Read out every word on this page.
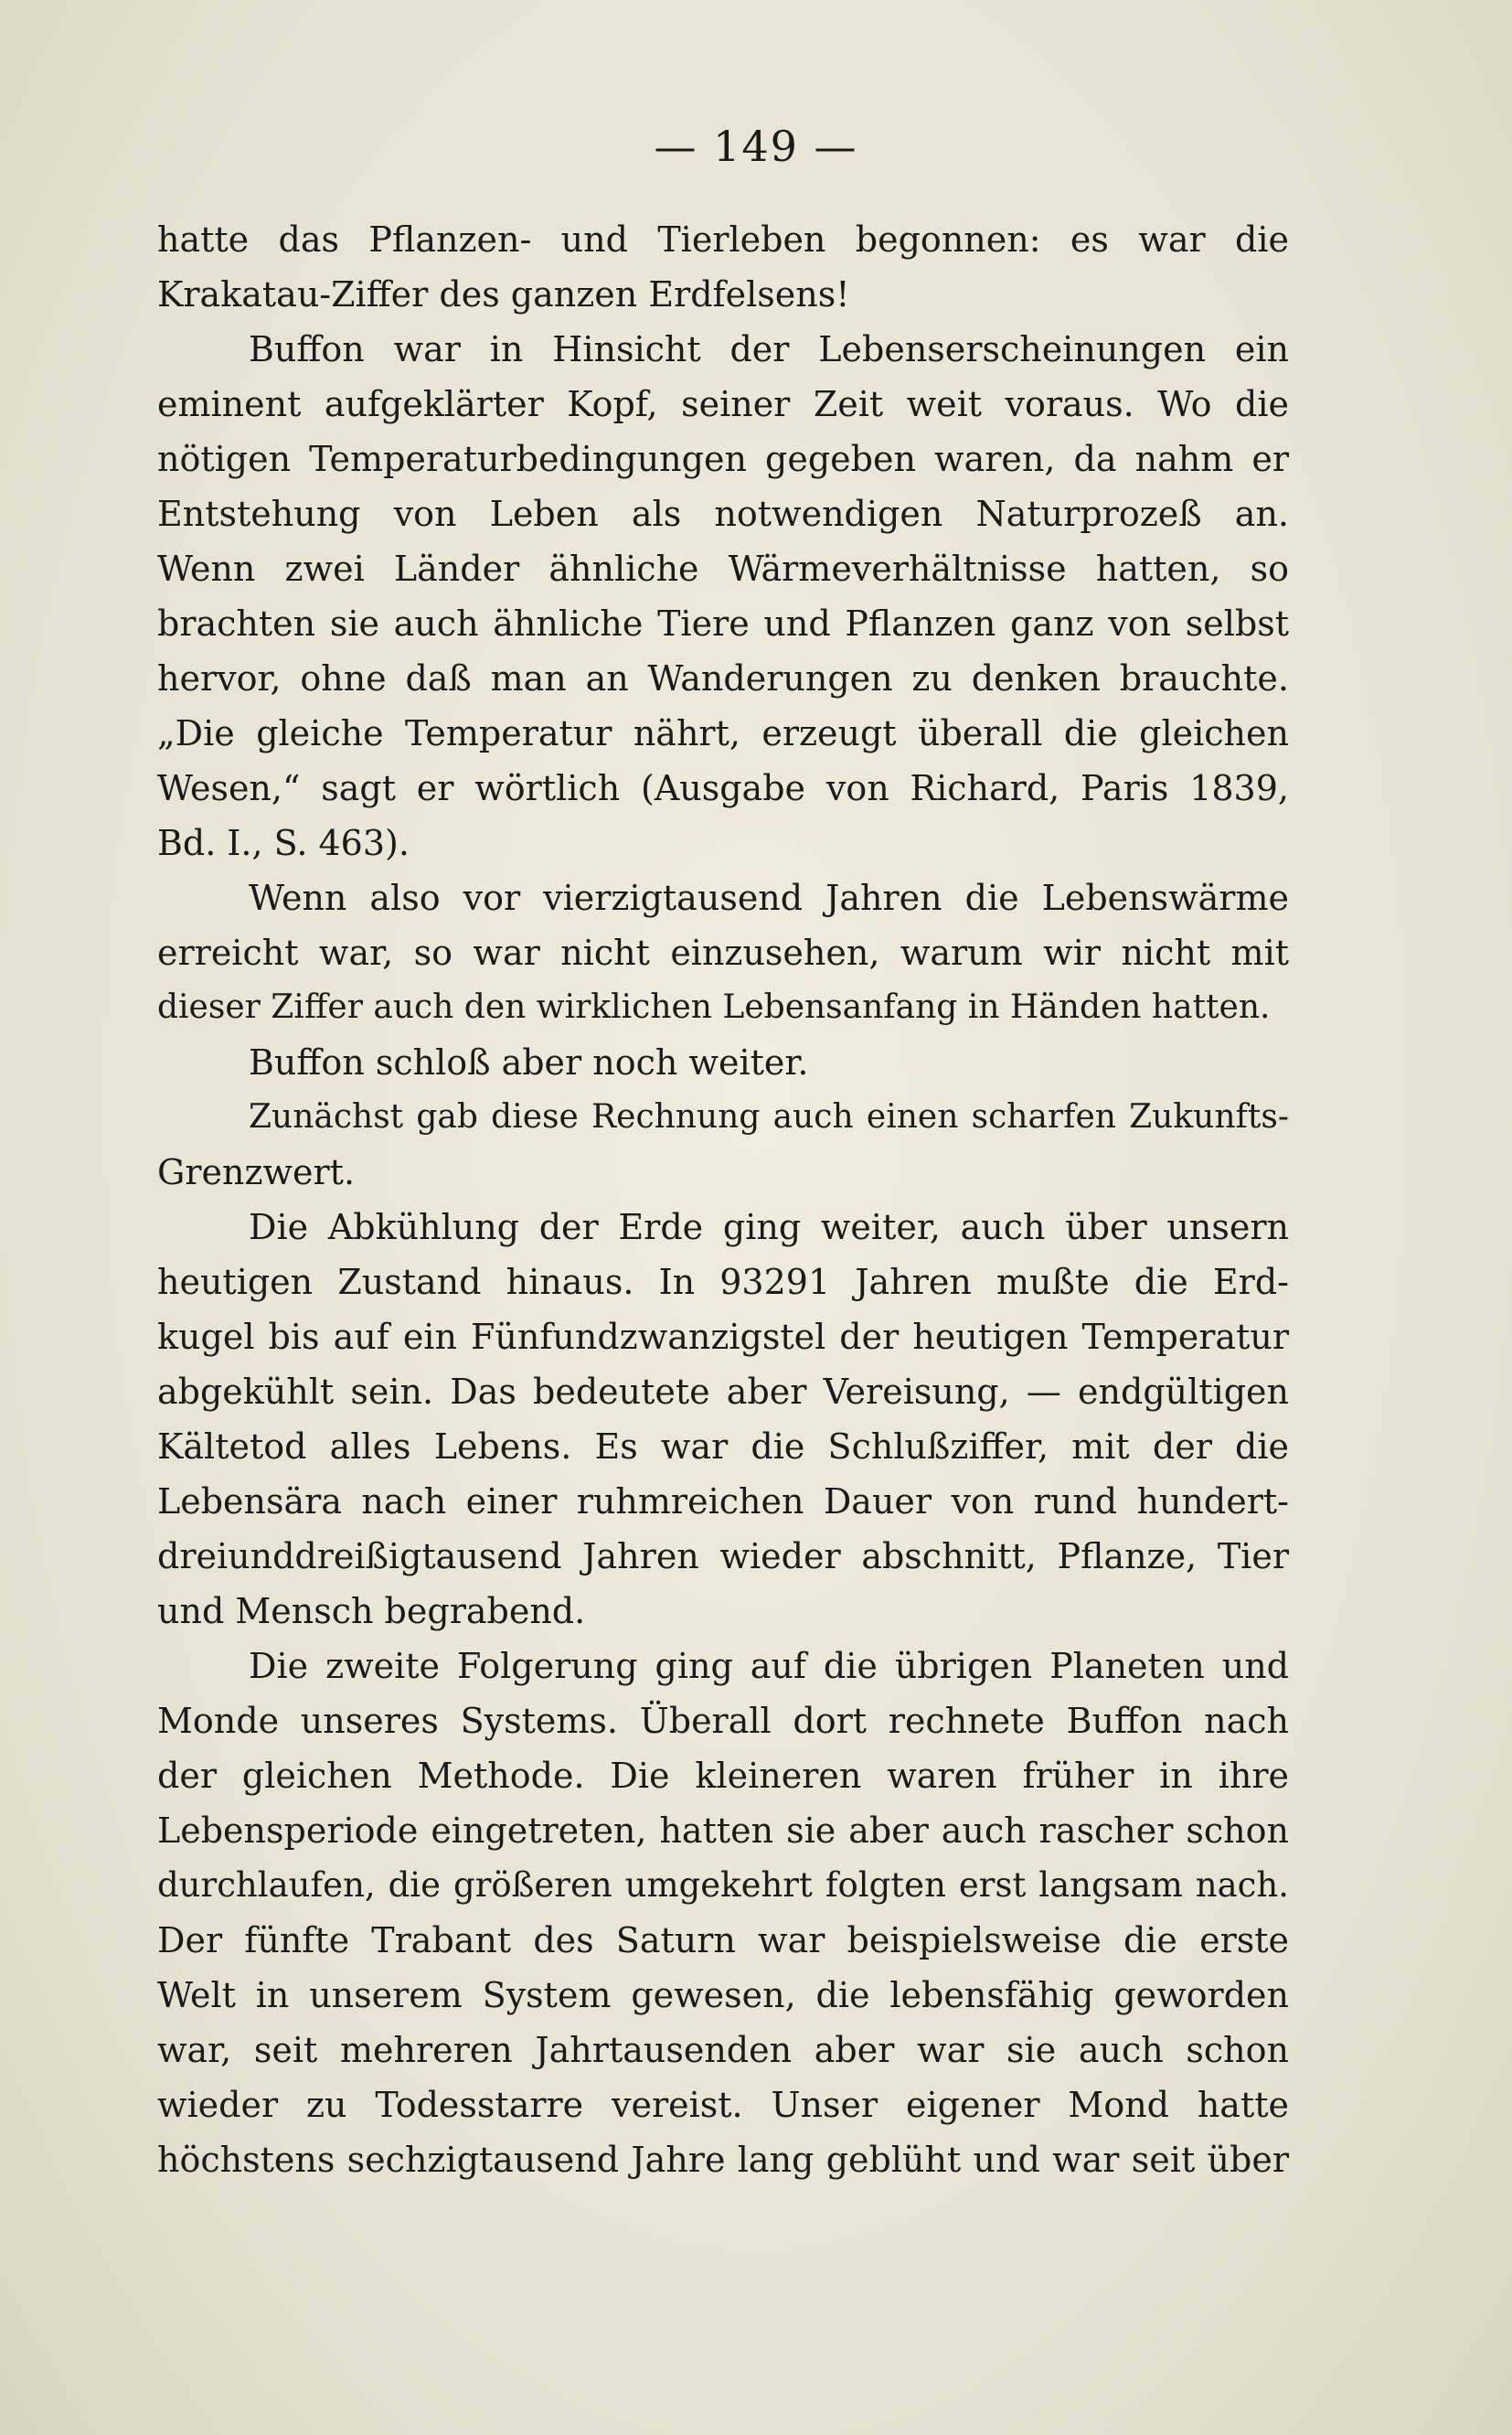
— 149 —
hatte das Pflanzen- und Tierleben begonnen: es war die
Krakatau-Ziffer des ganzen Erdfelsens!
Buffon war in Hinsicht der Lebenserscheinungen ein
eminent aufgeklärter Kopf, seiner Zeit weit voraus. Wo die
nötigen Temperaturbedingungen gegeben waren, da nahm er
Entstehung von Leben als notwendigen Naturprozeß an.
Wenn zwei Länder ähnliche Wärmeverhältnisse hatten, so
brachten sie auch ähnliche Tiere und Pflanzen ganz von selbst
hervor, ohne daß man an Wanderungen zu denken brauchte.
„Die gleiche Temperatur nährt, erzeugt überall die gleichen
Wesen,“ sagt er wörtlich (Ausgabe von Richard, Paris 1839,
Bd. I., S. 463).
Wenn also vor vierzigtausend Jahren die Lebenswärme
erreicht war, so war nicht einzusehen, warum wir nicht mit
dieser Ziffer auch den wirklichen Lebensanfang in Händen hatten.
Buffon schloß aber noch weiter.
Zunächst gab diese Rechnung auch einen scharfen Zukunfts-
Grenzwert.
Die Abkühlung der Erde ging weiter, auch über unsern
heutigen Zustand hinaus. In 93291 Jahren mußte die Erd-
kugel bis auf ein Fünfundzwanzigstel der heutigen Temperatur
abgekühlt sein. Das bedeutete aber Vereisung, — endgültigen
Kältetod alles Lebens. Es war die Schlußziffer, mit der die
Lebensära nach einer ruhmreichen Dauer von rund hundert-
dreiunddreißigtausend Jahren wieder abschnitt, Pflanze, Tier
und Mensch begrabend.
Die zweite Folgerung ging auf die übrigen Planeten und
Monde unseres Systems. Überall dort rechnete Buffon nach
der gleichen Methode. Die kleineren waren früher in ihre
Lebensperiode eingetreten, hatten sie aber auch rascher schon
durchlaufen, die größeren umgekehrt folgten erst langsam nach.
Der fünfte Trabant des Saturn war beispielsweise die erste
Welt in unserem System gewesen, die lebensfähig geworden
war, seit mehreren Jahrtausenden aber war sie auch schon
wieder zu Todesstarre vereist. Unser eigener Mond hatte
höchstens sechzigtausend Jahre lang geblüht und war seit über
